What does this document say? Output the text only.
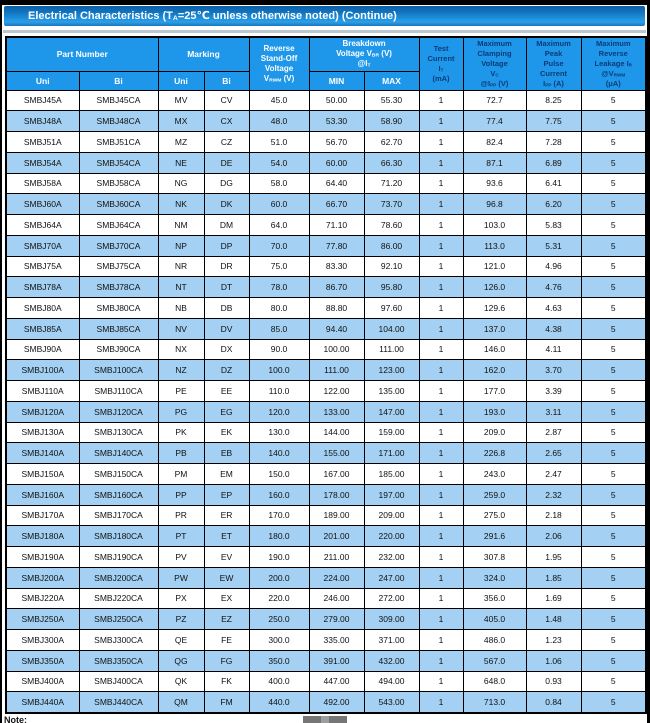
Electrical Characteristics ($T_A=25℃$ unless otherwise noted) (Continue)
Part Number		Marking		Reverse
Stand-Off
Voltage
$V_{RWM}$ (V)	Breakdown
Voltage $V_{BR}$ (V)
$@I_T$		Test
Current
$I_T$
(mA)	Maximum
Clamping
Voltage
$V_C$
$@I_{PP}$ (V)	Maximum
Peak
Pulse
Current
$I_{PP}$ (A)	Maximum
Reverse
Leakage $I_R$
$@V_{RWM}$
(μA)
Uni	Bi	Uni	Bi		MIN	MAX				
SMBJ45A	SMBJ45CA	MV	CV	45.0	50.00	55.30	1	72.7	8.25	5
SMBJ48A	SMBJ48CA	MX	CX	48.0	53.30	58.90	1	77.4	7.75	5
SMBJ51A	SMBJ51CA	MZ	CZ	51.0	56.70	62.70	1	82.4	7.28	5
SMBJ54A	SMBJ54CA	NE	DE	54.0	60.00	66.30	1	87.1	6.89	5
SMBJ58A	SMBJ58CA	NG	DG	58.0	64.40	71.20	1	93.6	6.41	5
SMBJ60A	SMBJ60CA	NK	DK	60.0	66.70	73.70	1	96.8	6.20	5
SMBJ64A	SMBJ64CA	NM	DM	64.0	71.10	78.60	1	103.0	5.83	5
SMBJ70A	SMBJ70CA	NP	DP	70.0	77.80	86.00	1	113.0	5.31	5
SMBJ75A	SMBJ75CA	NR	DR	75.0	83.30	92.10	1	121.0	4.96	5
SMBJ78A	SMBJ78CA	NT	DT	78.0	86.70	95.80	1	126.0	4.76	5
SMBJ80A	SMBJ80CA	NB	DB	80.0	88.80	97.60	1	129.6	4.63	5
SMBJ85A	SMBJ85CA	NV	DV	85.0	94.40	104.00	1	137.0	4.38	5
SMBJ90A	SMBJ90CA	NX	DX	90.0	100.00	111.00	1	146.0	4.11	5
SMBJ100A	SMBJ100CA	NZ	DZ	100.0	111.00	123.00	1	162.0	3.70	5
SMBJ110A	SMBJ110CA	PE	EE	110.0	122.00	135.00	1	177.0	3.39	5
SMBJ120A	SMBJ120CA	PG	EG	120.0	133.00	147.00	1	193.0	3.11	5
SMBJ130A	SMBJ130CA	PK	EK	130.0	144.00	159.00	1	209.0	2.87	5
SMBJ140A	SMBJ140CA	PB	EB	140.0	155.00	171.00	1	226.8	2.65	5
SMBJ150A	SMBJ150CA	PM	EM	150.0	167.00	185.00	1	243.0	2.47	5
SMBJ160A	SMBJ160CA	PP	EP	160.0	178.00	197.00	1	259.0	2.32	5
SMBJ170A	SMBJ170CA	PR	ER	170.0	189.00	209.00	1	275.0	2.18	5
SMBJ180A	SMBJ180CA	PT	ET	180.0	201.00	220.00	1	291.6	2.06	5
SMBJ190A	SMBJ190CA	PV	EV	190.0	211.00	232.00	1	307.8	1.95	5
SMBJ200A	SMBJ200CA	PW	EW	200.0	224.00	247.00	1	324.0	1.85	5
SMBJ220A	SMBJ220CA	PX	EX	220.0	246.00	272.00	1	356.0	1.69	5
SMBJ250A	SMBJ250CA	PZ	EZ	250.0	279.00	309.00	1	405.0	1.48	5
SMBJ300A	SMBJ300CA	QE	FE	300.0	335.00	371.00	1	486.0	1.23	5
SMBJ350A	SMBJ350CA	QG	FG	350.0	391.00	432.00	1	567.0	1.06	5
SMBJ400A	SMBJ400CA	QK	FK	400.0	447.00	494.00	1	648.0	0.93	5
SMBJ440A	SMBJ440CA	QM	FM	440.0	492.00	543.00	1	713.0	0.84	5
Note:
